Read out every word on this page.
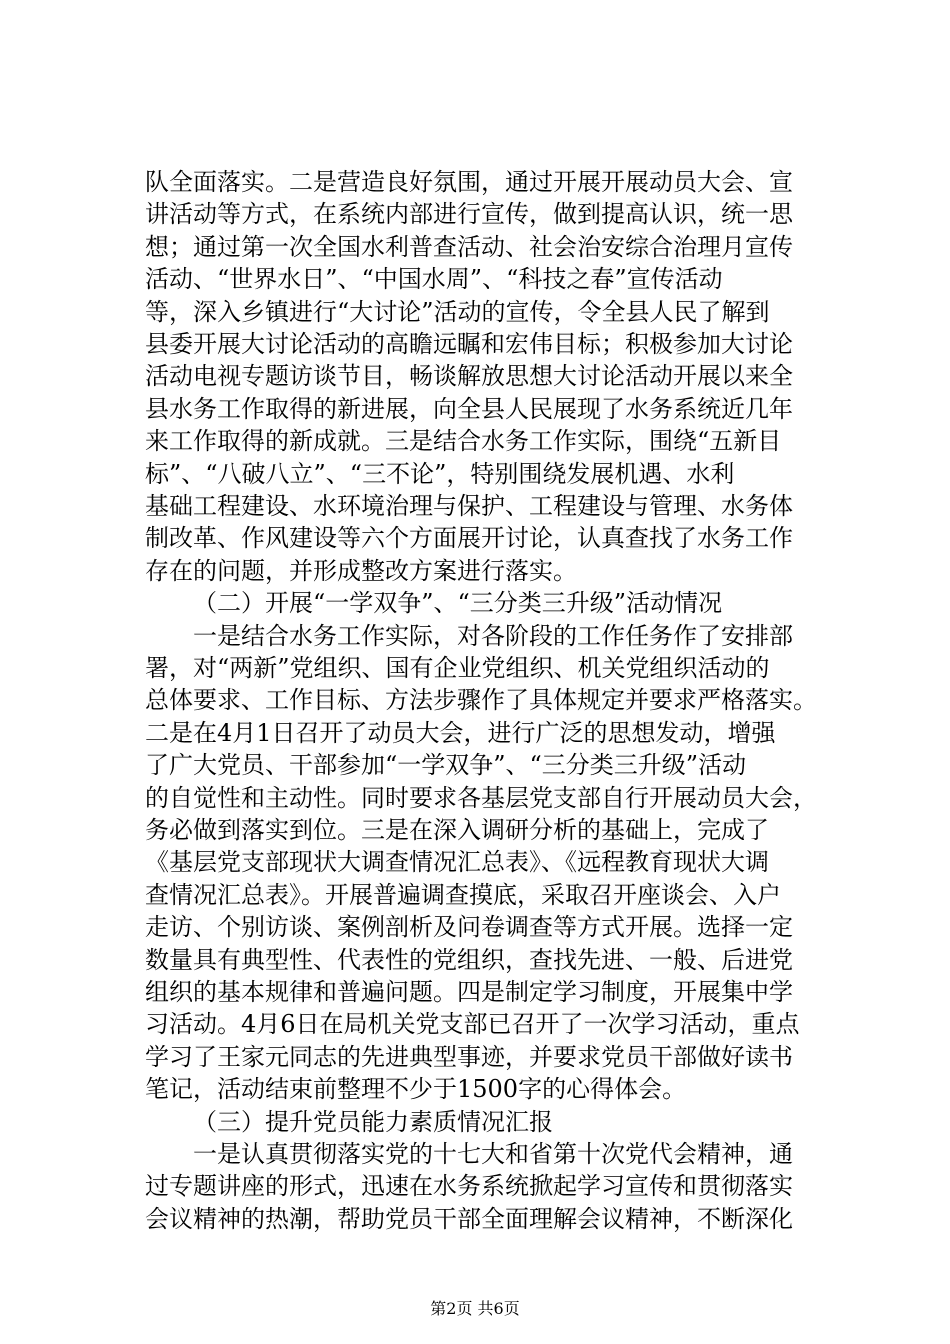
队全面落实。二是营造良好氛围，通过开展开展动员大会、宣
讲活动等方式，在系统内部进行宣传，做到提高认识，统一思
想；通过第一次全国水利普查活动、社会治安综合治理月宣传
活动、“世界水日”、“中国水周”、“科技之春”宣传活动
等，深入乡镇进行“大讨论”活动的宣传，令全县人民了解到
县委开展大讨论活动的高瞻远瞩和宏伟目标；积极参加大讨论
活动电视专题访谈节目，畅谈解放思想大讨论活动开展以来全
县水务工作取得的新进展，向全县人民展现了水务系统近几年
来工作取得的新成就。三是结合水务工作实际，围绕“五新目
标”、“八破八立”、“三不论”，特别围绕发展机遇、水利
基础工程建设、水环境治理与保护、工程建设与管理、水务体
制改革、作风建设等六个方面展开讨论，认真查找了水务工作
存在的问题，并形成整改方案进行落实。
（二）开展“一学双争”、“三分类三升级”活动情况
一是结合水务工作实际，对各阶段的工作任务作了安排部
署，对“两新”党组织、国有企业党组织、机关党组织活动的
总体要求、工作目标、方法步骤作了具体规定并要求严格落实。
二是在4月1日召开了动员大会，进行广泛的思想发动，增强
了广大党员、干部参加“一学双争”、“三分类三升级”活动
的自觉性和主动性。同时要求各基层党支部自行开展动员大会，
务必做到落实到位。三是在深入调研分析的基础上，完成了
《基层党支部现状大调查情况汇总表》、《远程教育现状大调
查情况汇总表》。开展普遍调查摸底，采取召开座谈会、入户
走访、个别访谈、案例剖析及问卷调查等方式开展。选择一定
数量具有典型性、代表性的党组织，查找先进、一般、后进党
组织的基本规律和普遍问题。四是制定学习制度，开展集中学
习活动。4月6日在局机关党支部已召开了一次学习活动，重点
学习了王家元同志的先进典型事迹，并要求党员干部做好读书
笔记，活动结束前整理不少于1500字的心得体会。
（三）提升党员能力素质情况汇报
一是认真贯彻落实党的十七大和省第十次党代会精神，通
过专题讲座的形式，迅速在水务系统掀起学习宣传和贯彻落实
会议精神的热潮，帮助党员干部全面理解会议精神，不断深化
第2页 共6页
